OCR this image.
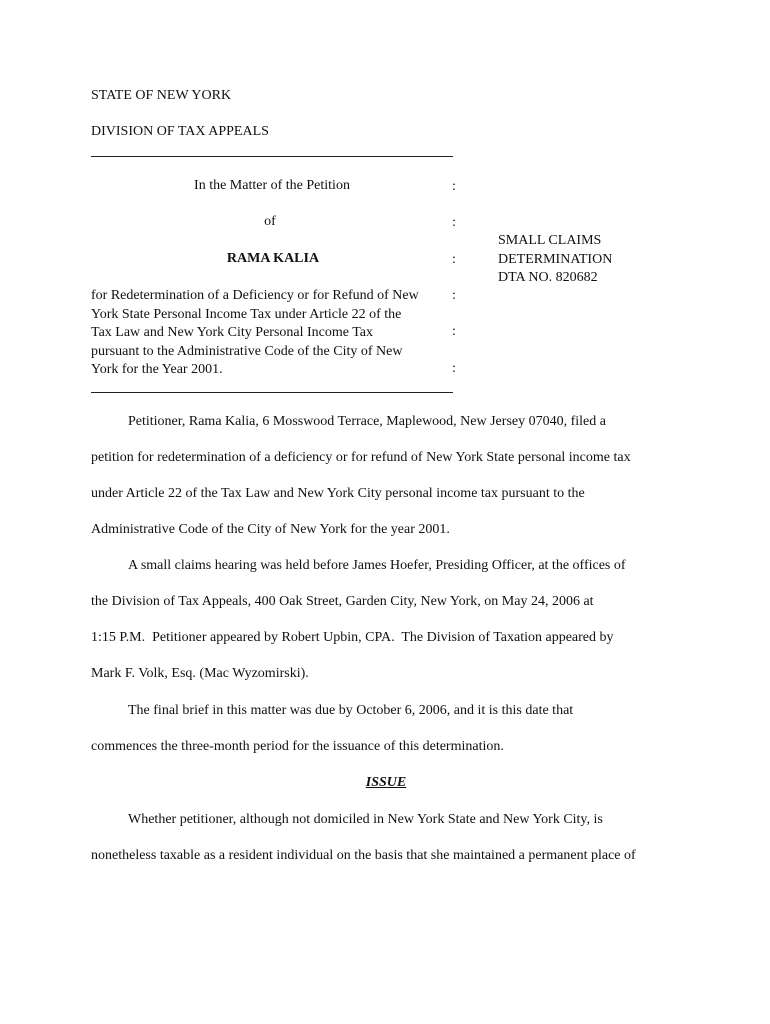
STATE OF NEW YORK
DIVISION OF TAX APPEALS
In the Matter of the Petition	:
of	:
RAMA KALIA	:
for Redetermination of a Deficiency or for Refund of New
York State Personal Income Tax under Article 22 of the
Tax Law and New York City Personal Income Tax
pursuant to the Administrative Code of the City of New
York for the Year 2001.
:
:
:
SMALL CLAIMS
DETERMINATION
DTA NO. 820682
Petitioner, Rama Kalia, 6 Mosswood Terrace, Maplewood, New Jersey 07040, filed a
petition for redetermination of a deficiency or for refund of New York State personal income tax
under Article 22 of the Tax Law and New York City personal income tax pursuant to the
Administrative Code of the City of New York for the year 2001.
A small claims hearing was held before James Hoefer, Presiding Officer, at the offices of
the Division of Tax Appeals, 400 Oak Street, Garden City, New York, on May 24, 2006 at
1:15 P.M.  Petitioner appeared by Robert Upbin, CPA.  The Division of Taxation appeared by
Mark F. Volk, Esq. (Mac Wyzomirski).
The final brief in this matter was due by October 6, 2006, and it is this date that
commences the three-month period for the issuance of this determination.
ISSUE
Whether petitioner, although not domiciled in New York State and New York City, is
nonetheless taxable as a resident individual on the basis that she maintained a permanent place of
